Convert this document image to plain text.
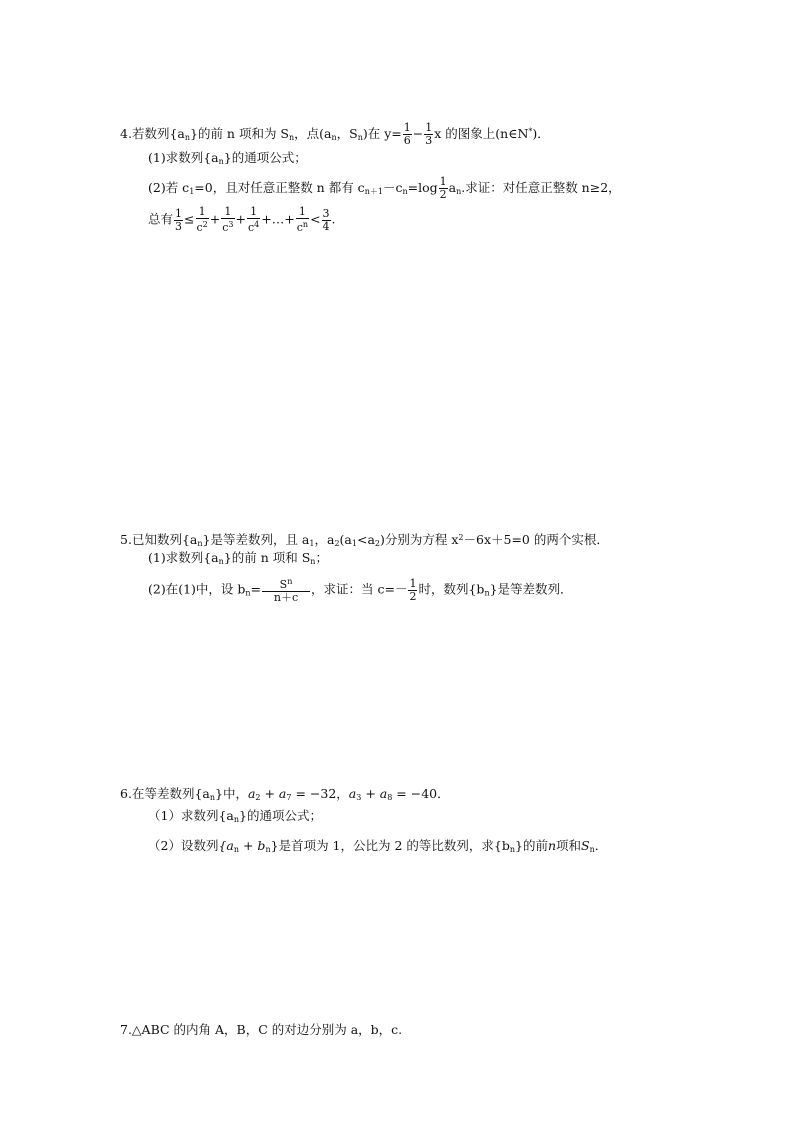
4.若数列$\{a_n\}$的前 n 项和为 $S_n$，点($a_n$，$S_n$)在 $y= \frac{1}{6} - \frac{1}{3}$ x 的图象上(n∈N*)．
(1)求数列$\{a_n\}$的通项公式；
(2)若 $c_1=0$，且对任意正整数 n 都有 $c_{n+1}-c_n=\log \frac{1}{2} a_n$.求证：对任意正整数 n≥2，
总有 $\frac{1}{3} \le \frac{1}{c^2} + \frac{1}{c^3} + \frac{1}{c^4}$ +…+ $\frac{1}{c^n} < \frac{3}{4}$ .
5.已知数列$\{a_n\}$是等差数列，且 $a_1$，$a_2(a_1<a_2)$分别为方程 $x^2-6x+5=0$ 的两个实根．
(1)求数列$\{a_n\}$的前 n 项和 $S_n$；
(2)在(1)中，设 $b_n= \frac{S^n}{n+c}$ ，求证：当 $c=- \frac{1}{2}$ 时，数列$\{b_n\}$是等差数列．
6.在等差数列$\{a_n\}$中，$a_2 + a_7 = -32$，$a_3 + a_8 = -40$．
（1）求数列$\{a_n\}$的通项公式；
（2）设数列$\{a_n + b_n\}$是首项为 1，公比为 2 的等比数列，求$\{b_n\}$的前n项和$S_n$．
7.△ABC 的内角 A，B，C 的对边分别为 a，b，c.
